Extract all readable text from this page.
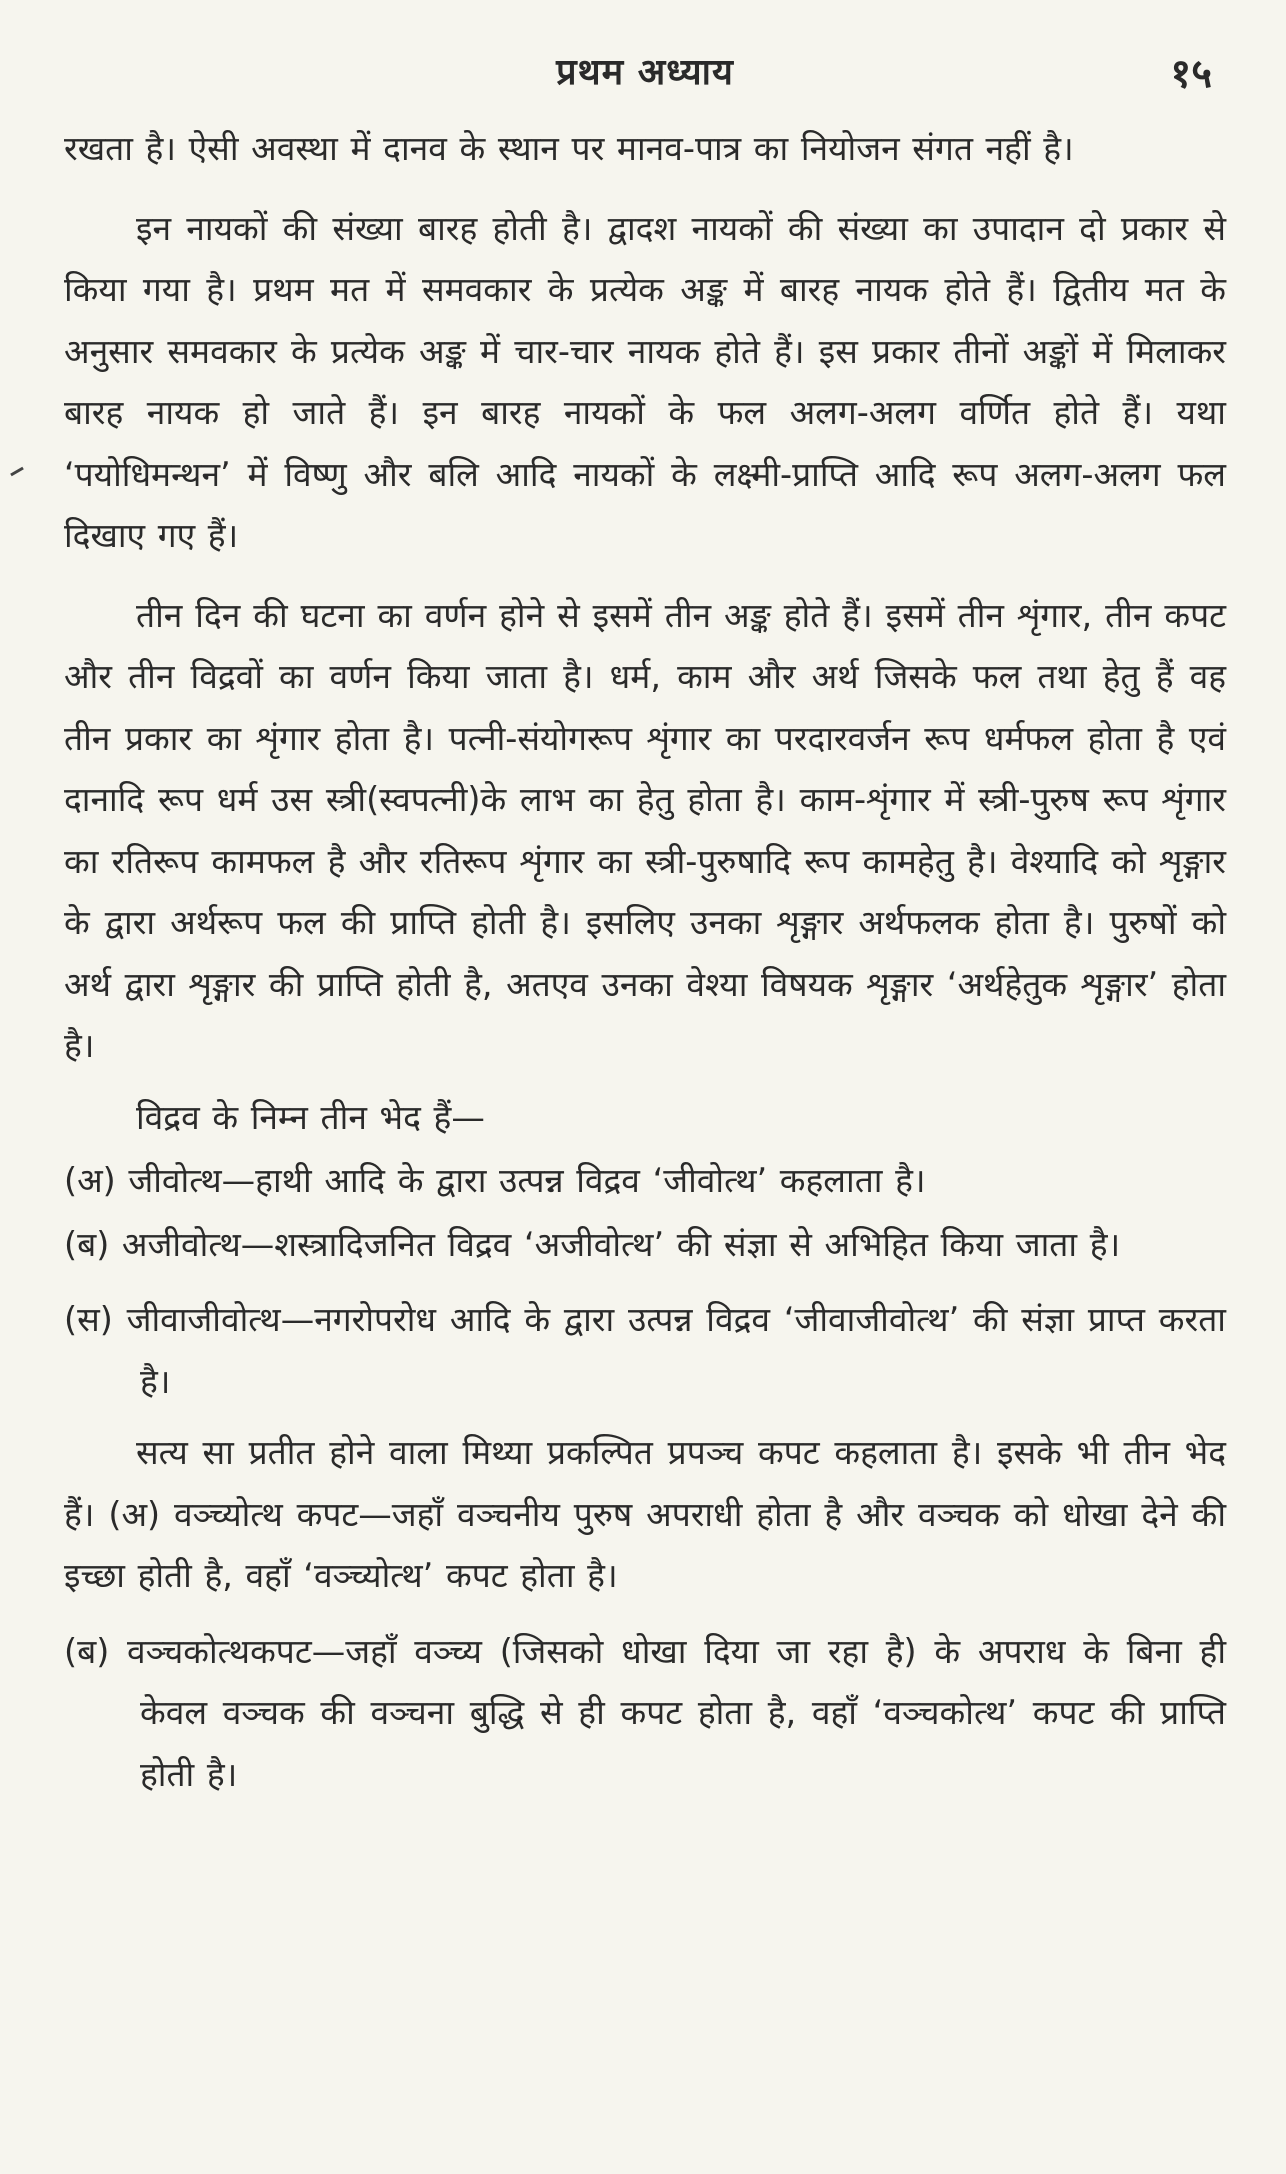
प्रथम अध्याय	१५

रखता है। ऐसी अवस्था में दानव के स्थान पर मानव-पात्र का नियोजन संगत नहीं है।

इन नायकों की संख्या बारह होती है। द्वादश नायकों की संख्या का उपादान दो प्रकार से किया गया है। प्रथम मत में समवकार के प्रत्येक अङ्क में बारह नायक होते हैं। द्वितीय मत के अनुसार समवकार के प्रत्येक अङ्क में चार-चार नायक होते हैं। इस प्रकार तीनों अङ्कों में मिलाकर बारह नायक हो जाते हैं। इन बारह नायकों के फल अलग-अलग वर्णित होते हैं। यथा ‘पयोधिमन्थन’ में विष्णु और बलि आदि नायकों के लक्ष्मी-प्राप्ति आदि रूप अलग-अलग फल दिखाए गए हैं।

तीन दिन की घटना का वर्णन होने से इसमें तीन अङ्क होते हैं। इसमें तीन शृंगार, तीन कपट और तीन विद्रवों का वर्णन किया जाता है। धर्म, काम और अर्थ जिसके फल तथा हेतु हैं वह तीन प्रकार का शृंगार होता है। पत्नी-संयोगरूप शृंगार का परदारवर्जन रूप धर्मफल होता है एवं दानादि रूप धर्म उस स्त्री(स्वपत्नी)के लाभ का हेतु होता है। काम-शृंगार में स्त्री-पुरुष रूप शृंगार का रतिरूप कामफल है और रतिरूप शृंगार का स्त्री-पुरुषादि रूप कामहेतु है। वेश्यादि को शृङ्गार के द्वारा अर्थरूप फल की प्राप्ति होती है। इसलिए उनका शृङ्गार अर्थफलक होता है। पुरुषों को अर्थ द्वारा शृङ्गार की प्राप्ति होती है, अतएव उनका वेश्या विषयक शृङ्गार ‘अर्थहेतुक शृङ्गार’ होता है।

विद्रव के निम्न तीन भेद हैं—

(अ) जीवोत्थ—हाथी आदि के द्वारा उत्पन्न विद्रव ‘जीवोत्थ’ कहलाता है।

(ब) अजीवोत्थ—शस्त्रादिजनित विद्रव ‘अजीवोत्थ’ की संज्ञा से अभिहित किया जाता है।

(स) जीवाजीवोत्थ—नगरोपरोध आदि के द्वारा उत्पन्न विद्रव ‘जीवाजीवोत्थ’ की संज्ञा प्राप्त करता है।

सत्य सा प्रतीत होने वाला मिथ्या प्रकल्पित प्रपञ्च कपट कहलाता है। इसके भी तीन भेद हैं। (अ) वञ्च्योत्थ कपट—जहाँ वञ्चनीय पुरुष अपराधी होता है और वञ्चक को धोखा देने की इच्छा होती है, वहाँ ‘वञ्च्योत्थ’ कपट होता है।

(ब) वञ्चकोत्थकपट—जहाँ वञ्च्य (जिसको धोखा दिया जा रहा है) के अपराध के बिना ही केवल वञ्चक की वञ्चना बुद्धि से ही कपट होता है, वहाँ ‘वञ्चकोत्थ’ कपट की प्राप्ति होती है।
